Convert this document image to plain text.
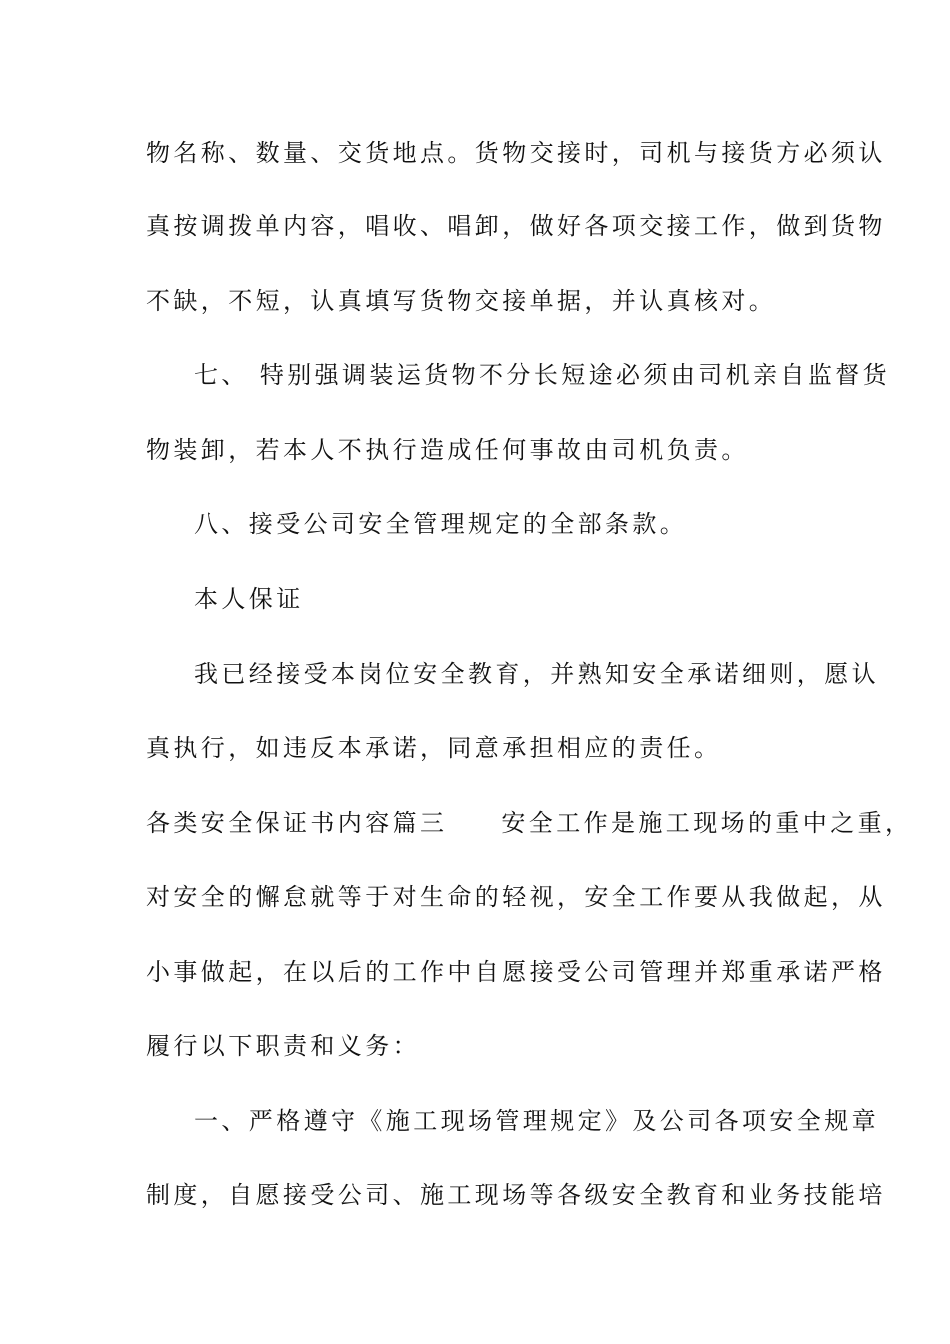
物名称、数量、交货地点。货物交接时，司机与接货方必须认
真按调拨单内容，唱收、唱卸，做好各项交接工作，做到货物
不缺，不短，认真填写货物交接单据，并认真核对。
七、 特别强调装运货物不分长短途必须由司机亲自监督货
物装卸，若本人不执行造成任何事故由司机负责。
八、接受公司安全管理规定的全部条款。
本人保证
我已经接受本岗位安全教育，并熟知安全承诺细则，愿认
真执行，如违反本承诺，同意承担相应的责任。
各类安全保证书内容篇三 安全工作是施工现场的重中之重，
对安全的懈怠就等于对生命的轻视，安全工作要从我做起，从
小事做起，在以后的工作中自愿接受公司管理并郑重承诺严格
履行以下职责和义务：
一、严格遵守《施工现场管理规定》及公司各项安全规章
制度，自愿接受公司、施工现场等各级安全教育和业务技能培
